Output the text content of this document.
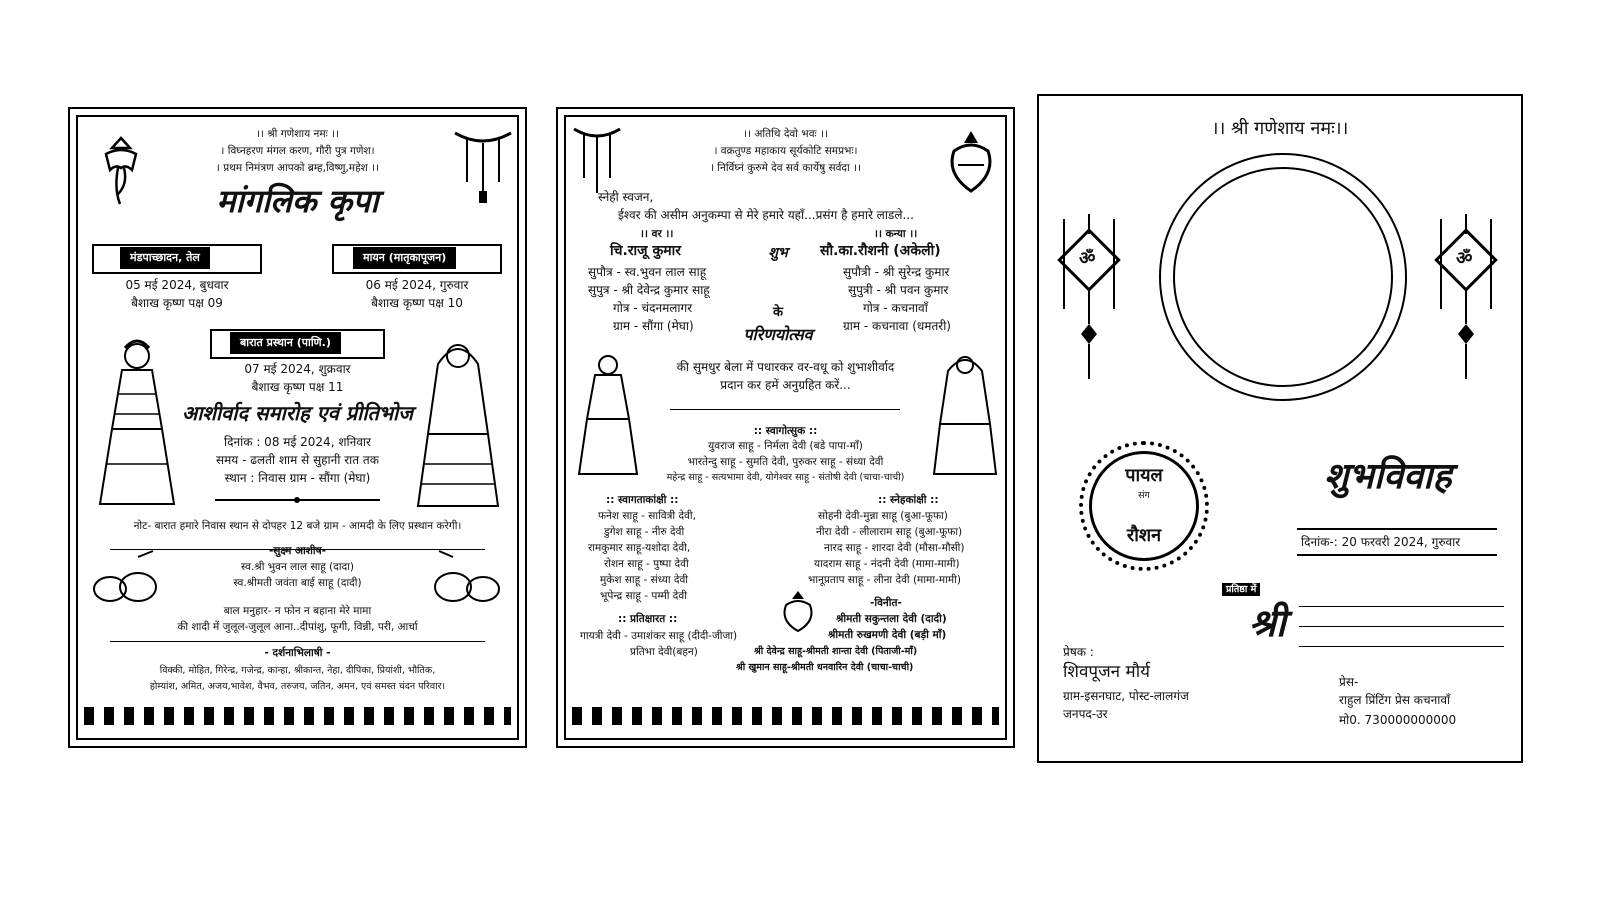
।। श्री गणेशाय नमः ।।
। विघ्नहरण मंगल करण, गौरी पुत्र गणेश।
। प्रथम निमंत्रण आपको ब्रम्ह,विष्णु,महेश ।।
मांगलिक कृपा
मंडपाच्छादन, तेल
05 मई 2024, बुधवार
बैशाख कृष्ण पक्ष 09
मायन (मातृकापूजन)
06 मई 2024, गुरुवार
बैशाख कृष्ण पक्ष 10
बारात प्रस्थान (पाणि.)
07 मई 2024, शुक्रवार
बैशाख कृष्ण पक्ष 11
आशीर्वाद समारोह एवं प्रीतिभोज
दिनांक : 08 मई 2024, शनिवार
समय - ढलती शाम से सुहानी रात तक
स्थान : निवास ग्राम - सौंगा (मेघा)
नोट- बारात हमारे निवास स्थान से दोपहर 12 बजे ग्राम - आमदी के लिए प्रस्थान करेगी।
-सुक्ष्म आशीष-
स्व.श्री भुवन लाल साहू (दादा)
स्व.श्रीमती जवंता बाई साहू (दादी)
बाल मनुहार- न फोन न बहाना मेरे मामा
की शादी में जुलूल-जुलूल आना..दीपांशु, फूगी, विन्नी, परी, आर्चा
- दर्शनाभिलाषी -
विक्की, मोहित, गिरेन्द्र, गजेन्द्र, कान्हा, श्रीकान्त, नेहा, दीपिका, प्रियांशी, भौतिक,
होम्यांश, अमित, अजय,भावेश, वैभव, तरुजय, जतिन, अमन, एवं समस्त चंदन परिवार।
।। अतिथि देवो भवः ।।
। वक्रतुण्ड महाकाय सूर्यकोटि समप्रभः।
। निर्विघ्नं कुरुमे देव सर्व कार्येषु सर्वदा ।।
स्नेही स्वजन,
ईश्वर की असीम अनुकम्पा से मेरे हमारे यहाँ...प्रसंग है हमारे लाडले...
।। वर ।।
चि.राजू कुमार
सुपौत्र - स्व.भुवन लाल साहू
सुपुत्र - श्री देवेन्द्र कुमार साहू
गोत्र - चंदनमलागर
ग्राम - सौंगा (मेघा)
।। कन्या ।।
सौ.का.रौशनी (अकेली)
सुपौत्री - श्री सुरेन्द्र कुमार
सुपुत्री - श्री पवन कुमार
गोत्र - कचनावाँ
ग्राम - कचनावा (धमतरी)
शुभ
के
परिणयोत्सव
की सुमधुर बेला में पधारकर वर-वधू को शुभाशीर्वाद
प्रदान कर हमें अनुग्रहित करें...
:: स्वागोत्सुक ::
युवराज साहू - निर्मला देवी (बडे पापा-माँ)
भारतेन्दु साहू - सुमति देवी, पुरुकर साहू - संध्या देवी
महेन्द्र साहू - सत्यभामा देवी, योगेश्वर साहू - संतोषी देवी (चाचा-चाची)
:: स्वागताकांक्षी ::
फनेश साहू - सावित्री देवी,
डुगेश साहू - नीरु देवी
रामकुमार साहू-यशोदा देवी,
रोशन साहू - पुष्पा देवी
मुकेश साहू - संध्या देवी
भूपेन्द्र साहू - पम्मी देवी
:: स्नेहकांक्षी ::
सोहनी देवी-मुन्ना साहू (बुआ-फूफा)
नीरा देवी - लीलाराम साहू (बुआ-फूफा)
नारद साहू - शारदा देवी (मौसा-मौसी)
यादराम साहू - नंदनी देवी (मामा-मामी)
भानूप्रताप साहू - लीना देवी (मामा-मामी)
:: प्रतिक्षारत ::
गायत्री देवी - उमाशंकर साहू (दीदी-जीजा)
प्रतिभा देवी(बहन)
-विनीत-
श्रीमती सकुन्तला देवी (दादी)
श्रीमती रुखमणी देवी (बड़ी माँ)
श्री देवेन्द्र साहू-श्रीमती शान्ता देवी (पिताजी-माँ)
श्री खुमान साहू-श्रीमती धनवारिन देवी (चाचा-चाची)
।। श्री गणेशाय नमः।।
ॐ	ॐ
पायल
संग
रौशन
शुभविवाह
दिनांक-: 20 फरवरी 2024, गुरुवार
प्रतिष्ठा में
श्री
प्रेषक :
शिवपूजन मौर्य
ग्राम-इसनघाट, पोस्ट-लालगंज
जनपद-उर
प्रेस-
राहुल प्रिंटिंग प्रेस कचनावाँ
मो0. 730000000000
